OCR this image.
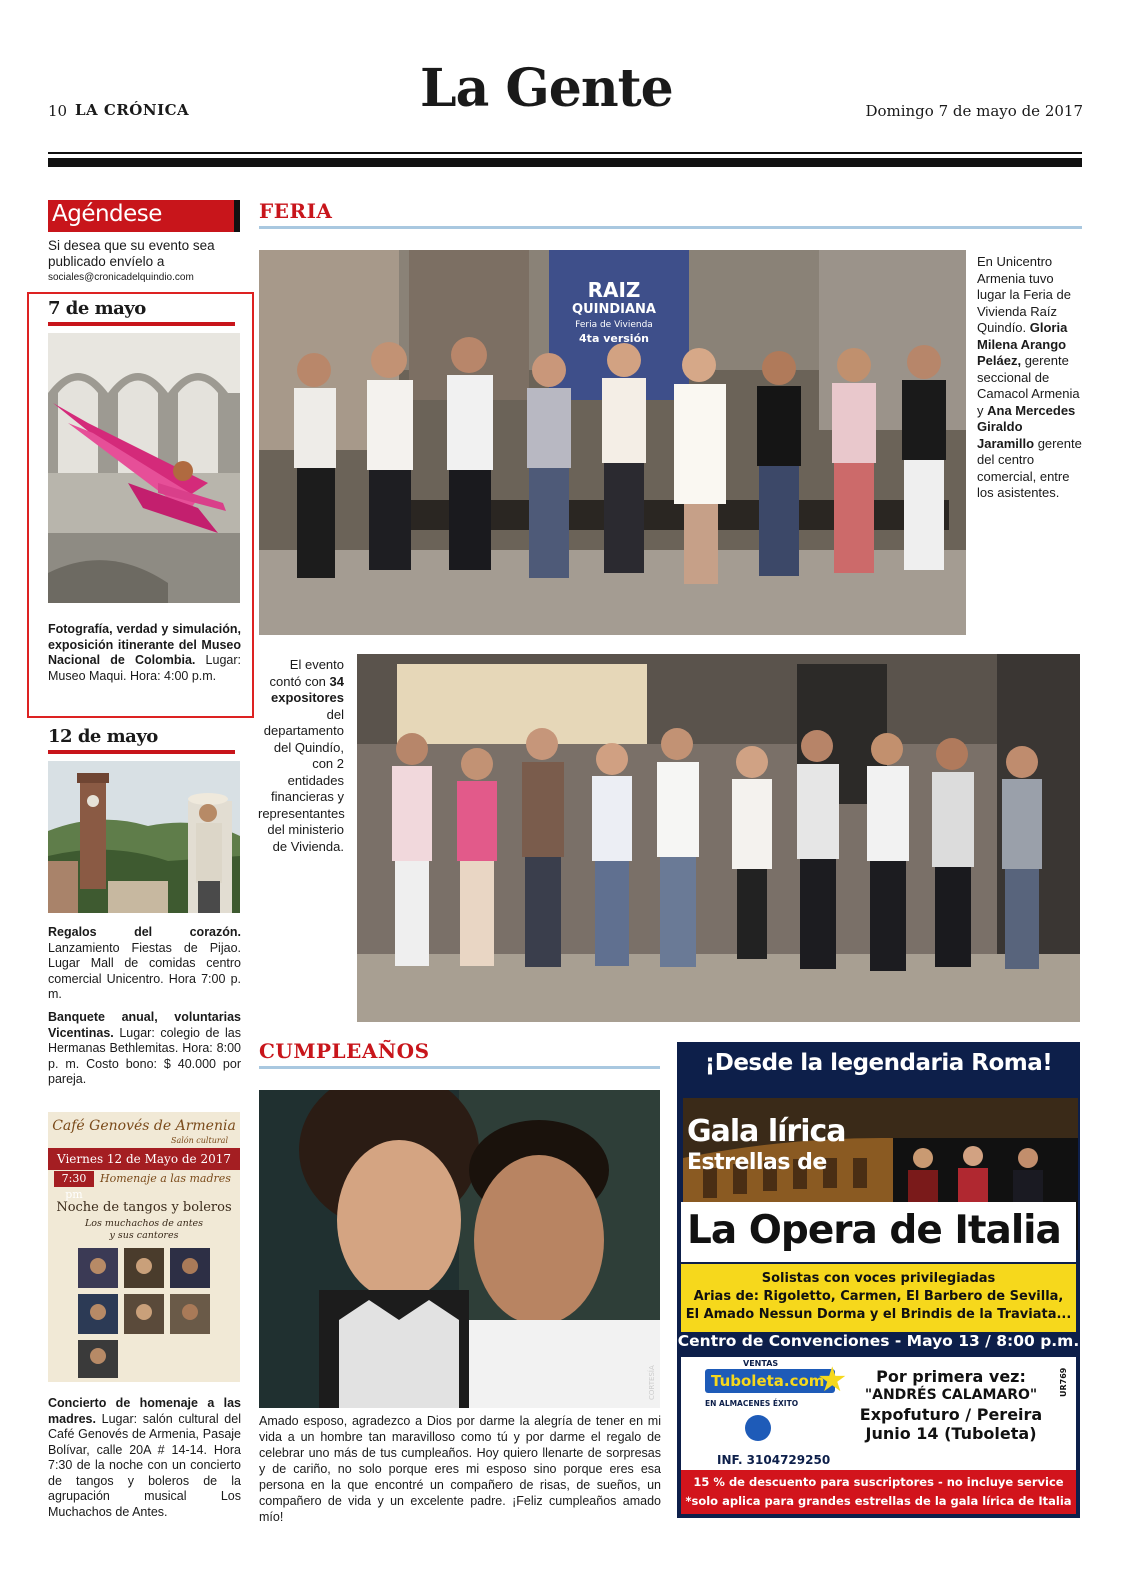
10 LA CRÓNICA	La Gente	Domingo 7 de mayo de 2017
Agéndese
Si desea que su evento sea publicado envíelo a
sociales@cronicadelquindio.com
7 de mayo
Fotografía, verdad y simulación, exposición itinerante del Museo Nacional de Colombia. Lugar: Museo Maqui. Hora: 4:00 p.m.
12 de mayo
Regalos del corazón. Lanzamiento Fiestas de Pijao. Lugar Mall de comidas centro comercial Unicentro. Hora 7:00 p. m.
Banquete anual, voluntarias Vicentinas. Lugar: colegio de las Hermanas Bethlemitas. Hora: 8:00 p. m. Costo bono: $ 40.000 por pareja.
Café Genovés de Armenia
Salón cultural
Viernes 12 de Mayo de 2017
7:30 pm
Homenaje a las madres
Noche de tangos y boleros
Los muchachos de antes
y sus cantores
Concierto de homenaje a las madres. Lugar: salón cultural del Café Genovés de Armenia, Pasaje Bolívar, calle 20A # 14-14. Hora 7:30 de la noche con un concierto de tangos y boleros de la agrupación musical Los Muchachos de Antes.
FERIA
RAIZ
QUINDIANA
Feria de Vivienda
4ta versión
En Unicentro Armenia tuvo lugar la Feria de Vivienda Raíz Quindío. Gloria Milena Arango Peláez, gerente seccional de Camacol Armenia y Ana Mercedes Giraldo Jaramillo gerente del centro comercial, entre los asistentes.
El evento contó con 34 expositores del departamento del Quindío, con 2 entidades financieras y representantes del ministerio de Vivienda.
CUMPLEAÑOS
CORTESÍA
Amado esposo, agradezco a Dios por darme la alegría de tener en mi vida a un hombre tan maravilloso como tú y por darme el regalo de celebrar uno más de tus cumpleaños. Hoy quiero llenarte de sorpresas y de cariño, no solo porque eres mi esposo sino porque eres esa persona en la que encontré un compañero de risas, de sueños, un compañero de vida y un excelente padre. ¡Feliz cumpleaños amado mío!
¡Desde la legendaria Roma!
Gala lírica
Estrellas de
La Opera de Italia
Solistas con voces privilegiadas
Arias de: Rigoletto, Carmen, El Barbero de Sevilla,
El Amado Nessun Dorma y el Brindis de la Traviata...
Centro de Convenciones - Mayo 13 / 8:00 p.m.
VENTAS
Tuboleta.com
★
EN ALMACENES ÉXITO
INF. 3104729250
Por primera vez:
"ANDRÉS CALAMARO"
Expofuturo / Pereira
Junio 14 (Tuboleta)
UR769
15 % de descuento para suscriptores - no incluye service
*solo aplica para grandes estrellas de la gala lírica de Italia
